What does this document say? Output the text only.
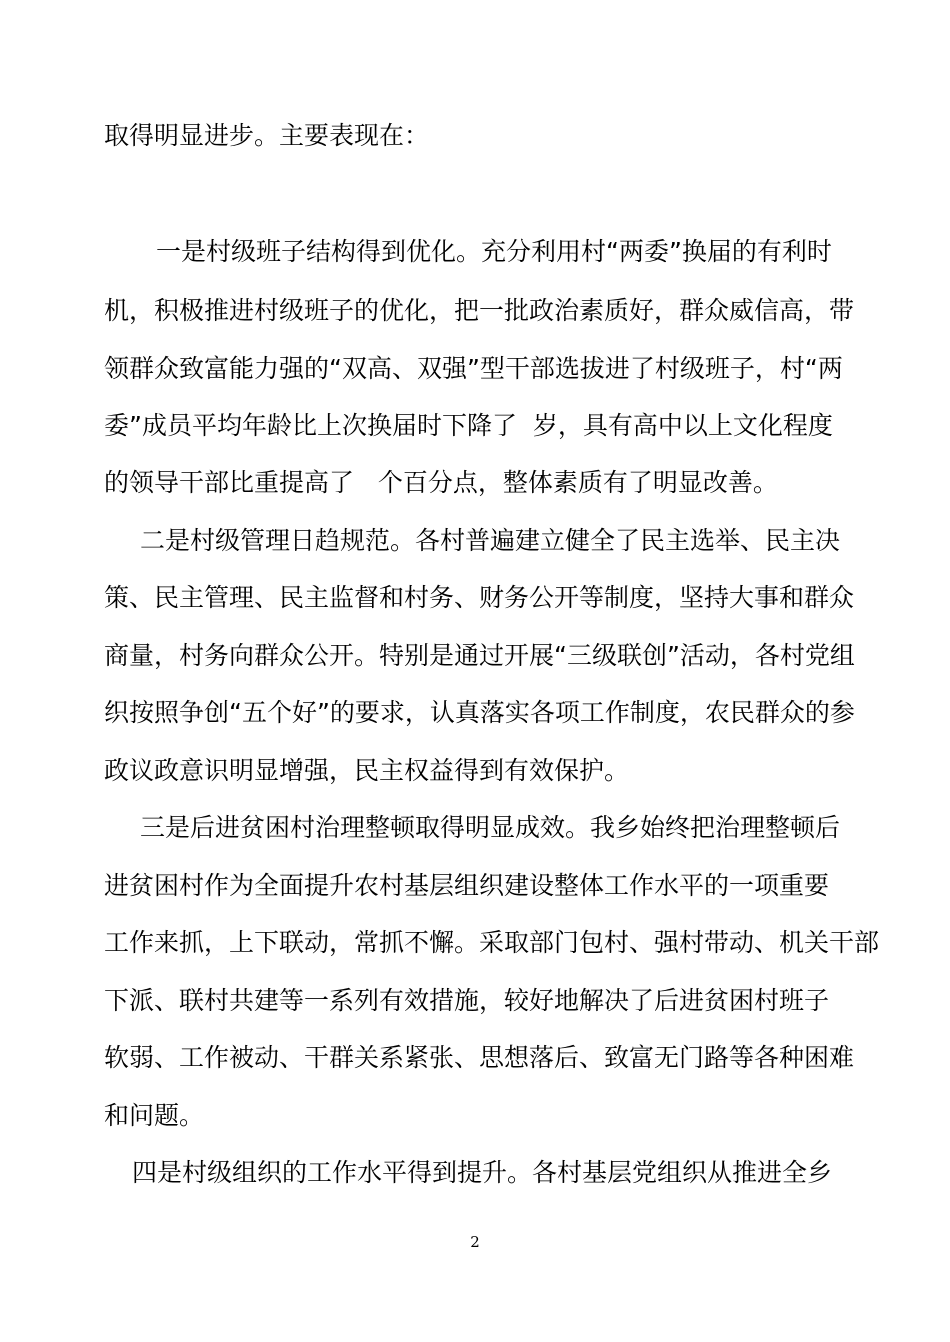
取得明显进步。主要表现在：
一是村级班子结构得到优化。充分利用村“两委”换届的有利时
机，积极推进村级班子的优化，把一批政治素质好，群众威信高，带
领群众致富能力强的“双高、双强”型干部选拔进了村级班子，村“两
委”成员平均年龄比上次换届时下降了  岁，具有高中以上文化程度
的领导干部比重提高了   个百分点，整体素质有了明显改善。
二是村级管理日趋规范。各村普遍建立健全了民主选举、民主决
策、民主管理、民主监督和村务、财务公开等制度，坚持大事和群众
商量，村务向群众公开。特别是通过开展“三级联创”活动，各村党组
织按照争创“五个好”的要求，认真落实各项工作制度，农民群众的参
政议政意识明显增强，民主权益得到有效保护。
三是后进贫困村治理整顿取得明显成效。我乡始终把治理整顿后
进贫困村作为全面提升农村基层组织建设整体工作水平的一项重要
工作来抓，上下联动，常抓不懈。采取部门包村、强村带动、机关干部
下派、联村共建等一系列有效措施，较好地解决了后进贫困村班子
软弱、工作被动、干群关系紧张、思想落后、致富无门路等各种困难
和问题。
四是村级组织的工作水平得到提升。各村基层党组织从推进全乡
2
